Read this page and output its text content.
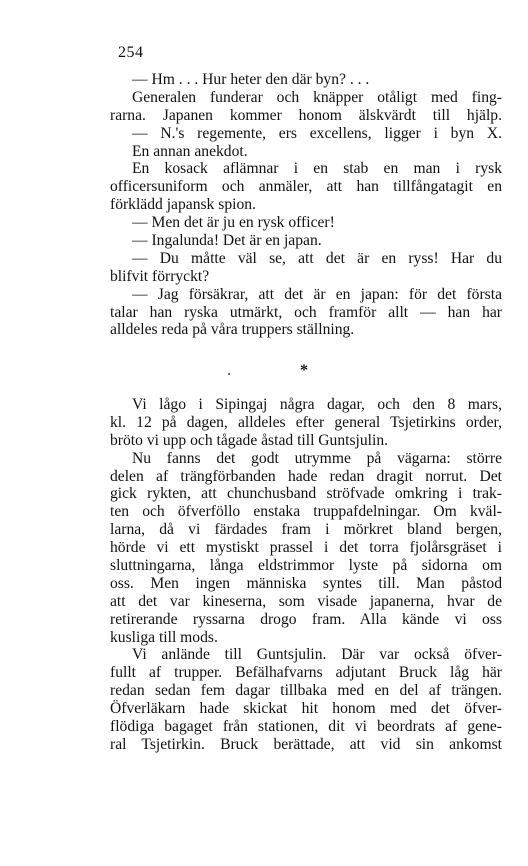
254
— Hm . . . Hur heter den där byn? . . .
Generalen funderar och knäpper otåligt med fing-
rarna. Japanen kommer honom älskvärdt till hjälp.
— N.'s regemente, ers excellens, ligger i byn X.
En annan anekdot.
En kosack aflämnar i en stab en man i rysk
officersuniform och anmäler, att han tillfångatagit en
förklädd japansk spion.
— Men det är ju en rysk officer!
— Ingalunda! Det är en japan.
— Du måtte väl se, att det är en ryss! Har du
blifvit förryckt?
— Jag försäkrar, att det är en japan: för det första
talar han ryska utmärkt, och framför allt — han har
alldeles reda på våra truppers ställning.
*
Vi lågo i Sipingaj några dagar, och den 8 mars,
kl. 12 på dagen, alldeles efter general Tsjetirkins order,
bröto vi upp och tågade åstad till Guntsjulin.
Nu fanns det godt utrymme på vägarna: större
delen af trängförbanden hade redan dragit norrut. Det
gick rykten, att chunchusband ströfvade omkring i trak-
ten och öfverföllo enstaka truppafdelningar. Om kväl-
larna, då vi färdades fram i mörkret bland bergen,
hörde vi ett mystiskt prassel i det torra fjolårsgräset i
sluttningarna, långa eldstrimmor lyste på sidorna om
oss. Men ingen människa syntes till. Man påstod
att det var kineserna, som visade japanerna, hvar de
retirerande ryssarna drogo fram. Alla kände vi oss
kusliga till mods.
Vi anlände till Guntsjulin. Där var också öfver-
fullt af trupper. Befälhafvarns adjutant Bruck låg här
redan sedan fem dagar tillbaka med en del af trängen.
Öfverläkarn hade skickat hit honom med det öfver-
flödiga bagaget från stationen, dit vi beordrats af gene-
ral Tsjetirkin. Bruck berättade, att vid sin ankomst
